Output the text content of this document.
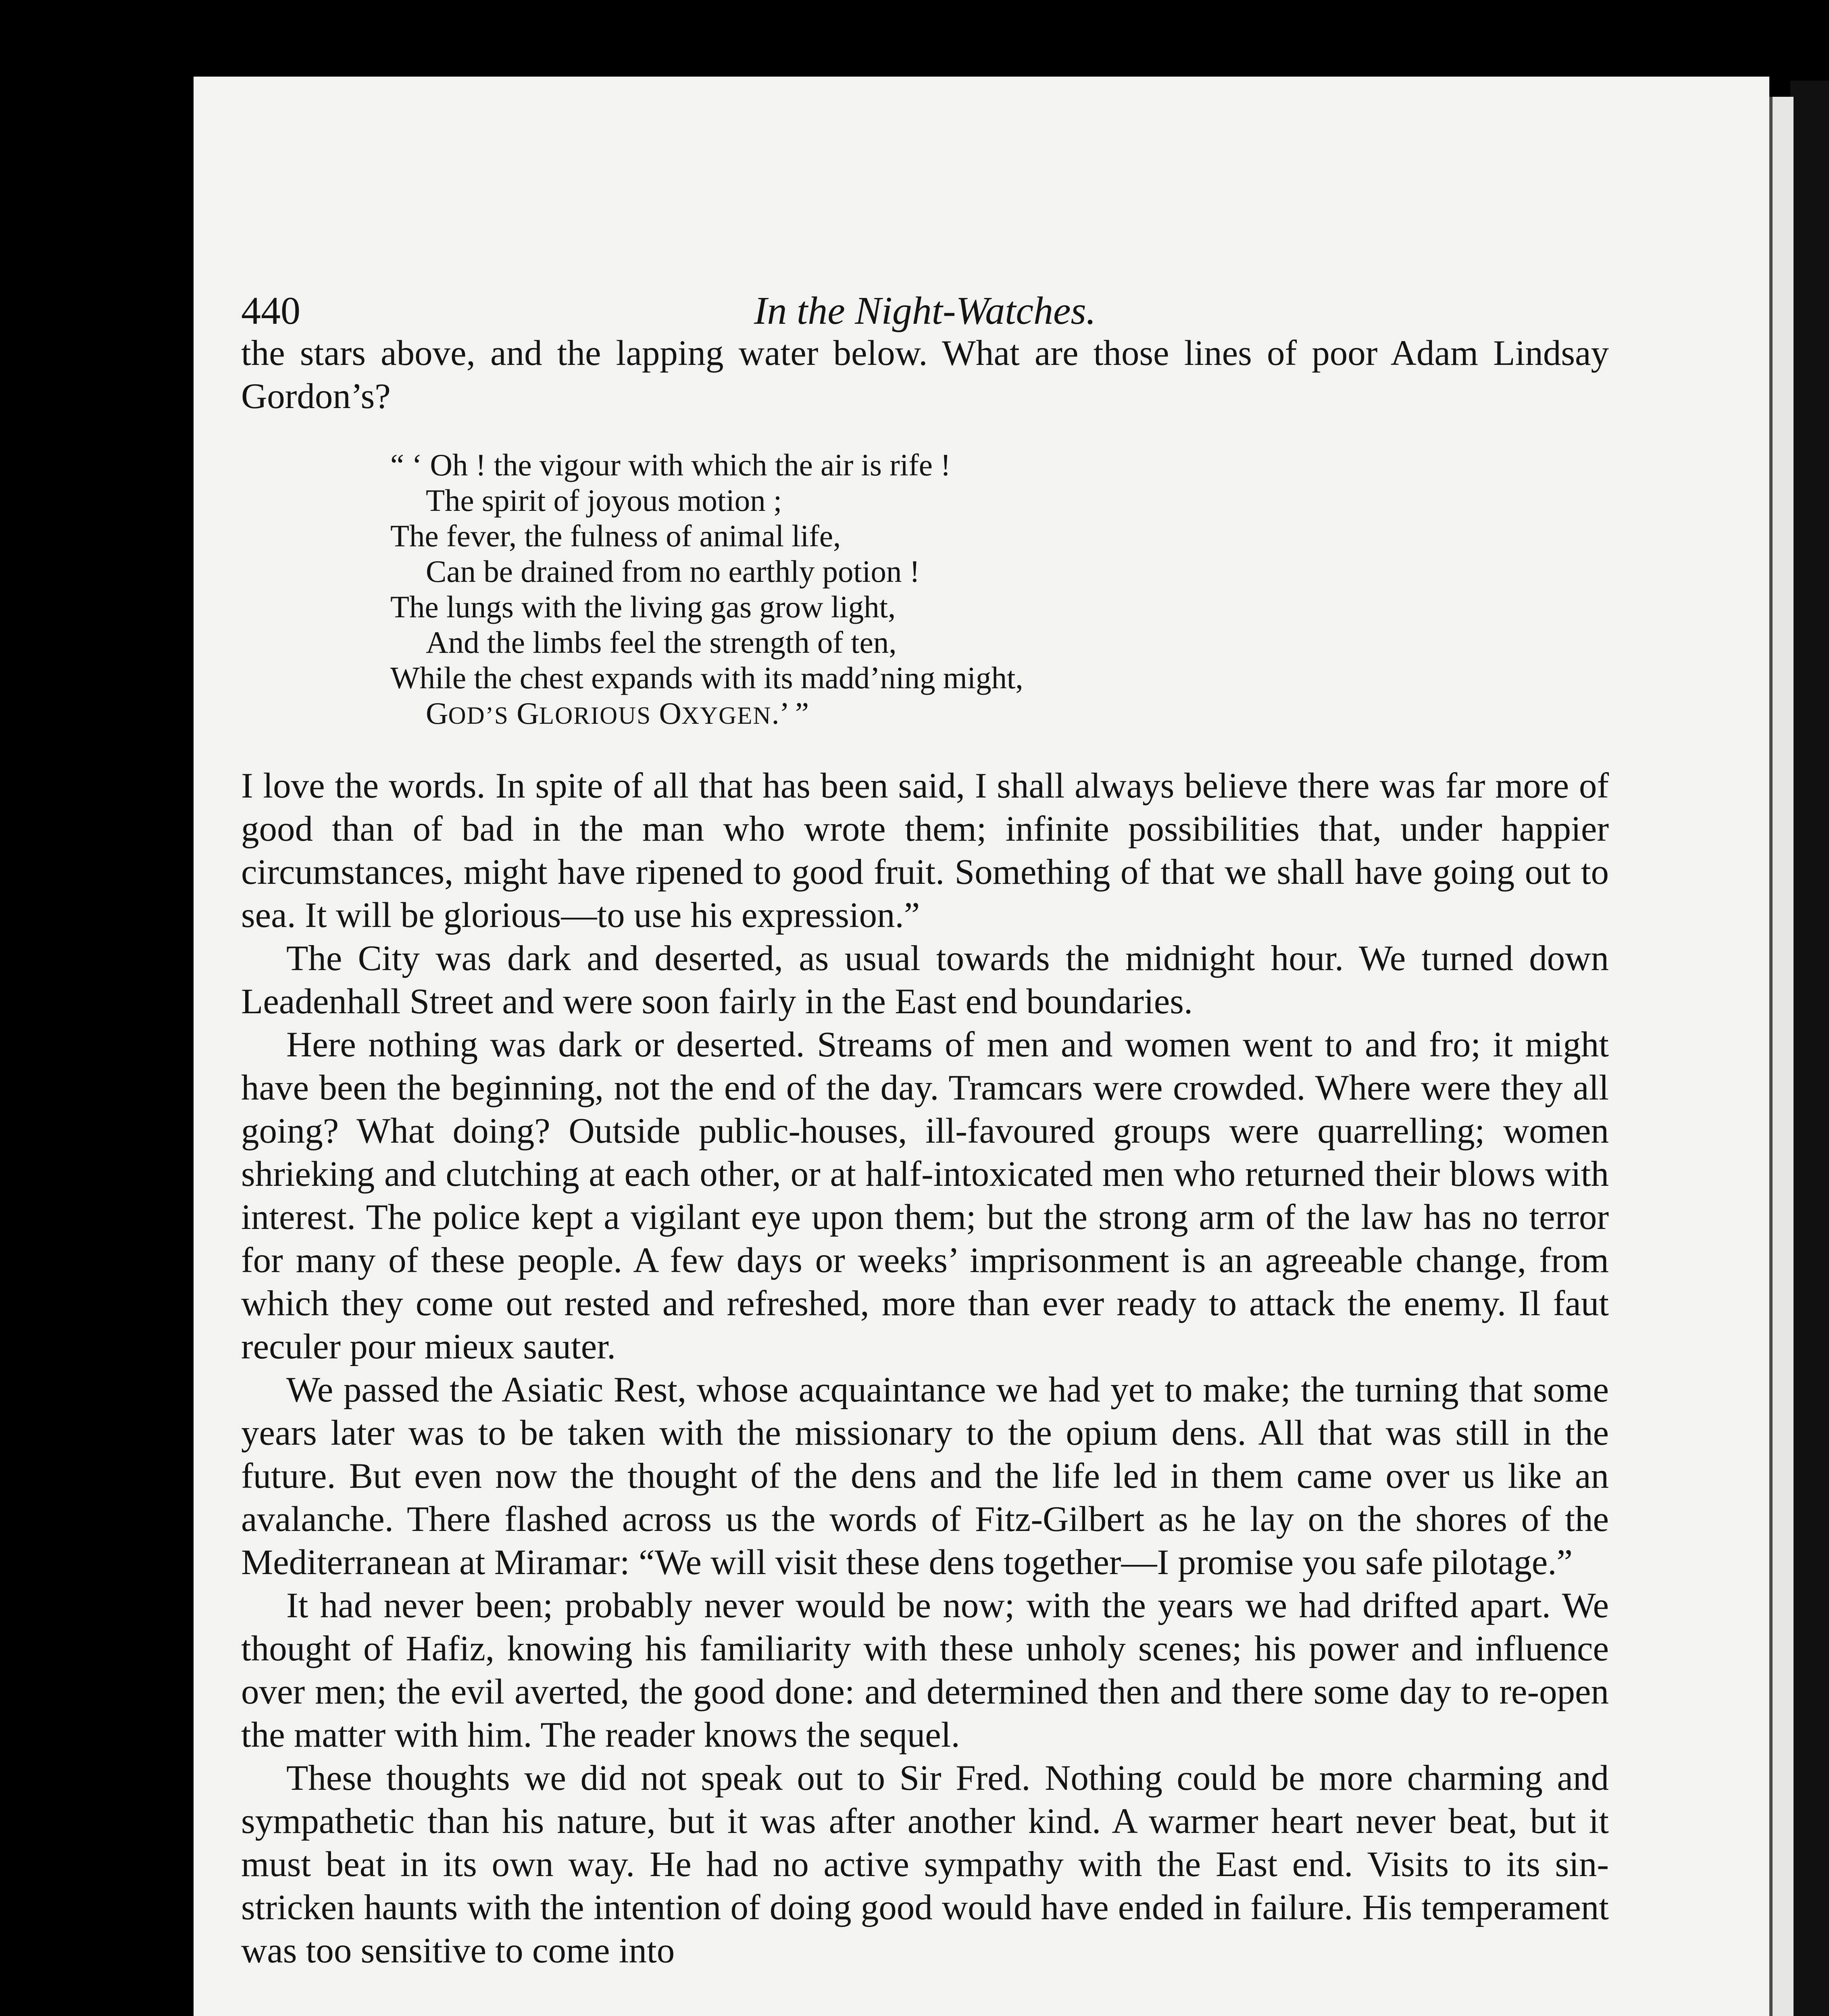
440	In the Night-Watches.

the stars above, and the lapping water below. What are those lines of poor Adam Lindsay Gordon’s?

“ ‘ Oh ! the vigour with which the air is rife !
The spirit of joyous motion ;
The fever, the fulness of animal life,
Can be drained from no earthly potion !
The lungs with the living gas grow light,
And the limbs feel the strength of ten,
While the chest expands with its madd’ning might,
GOD’S GLORIOUS OXYGEN.’ ”

I love the words. In spite of all that has been said, I shall always believe there was far more of good than of bad in the man who wrote them; infinite possibilities that, under happier circumstances, might have ripened to good fruit. Something of that we shall have going out to sea. It will be glorious—to use his expression.”

The City was dark and deserted, as usual towards the midnight hour. We turned down Leadenhall Street and were soon fairly in the East end boundaries.

Here nothing was dark or deserted. Streams of men and women went to and fro; it might have been the beginning, not the end of the day. Tramcars were crowded. Where were they all going? What doing? Outside public-houses, ill-favoured groups were quarrelling; women shrieking and clutching at each other, or at half-intoxicated men who returned their blows with interest. The police kept a vigilant eye upon them; but the strong arm of the law has no terror for many of these people. A few days or weeks’ imprisonment is an agreeable change, from which they come out rested and refreshed, more than ever ready to attack the enemy. Il faut reculer pour mieux sauter.

We passed the Asiatic Rest, whose acquaintance we had yet to make; the turning that some years later was to be taken with the missionary to the opium dens. All that was still in the future. But even now the thought of the dens and the life led in them came over us like an avalanche. There flashed across us the words of Fitz-Gilbert as he lay on the shores of the Mediterranean at Miramar: “We will visit these dens together—I promise you safe pilotage.”

It had never been; probably never would be now; with the years we had drifted apart. We thought of Hafiz, knowing his familiarity with these unholy scenes; his power and influence over men; the evil averted, the good done: and determined then and there some day to re-open the matter with him. The reader knows the sequel.

These thoughts we did not speak out to Sir Fred. Nothing could be more charming and sympathetic than his nature, but it was after another kind. A warmer heart never beat, but it must beat in its own way. He had no active sympathy with the East end. Visits to its sin-stricken haunts with the intention of doing good would have ended in failure. His temperament was too sensitive to come into
